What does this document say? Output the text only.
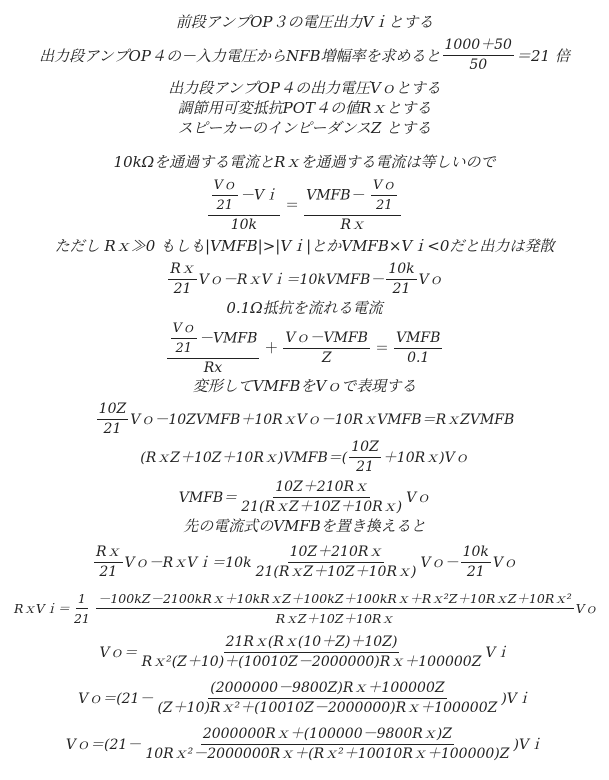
前段アンプOP３の電圧出力Vｉとする
出力段アンプOP４の－入力電圧からNFB増幅率を求めると $\frac{1000+50}{50} =21$ 倍
出力段アンプOP４の出力電圧Vｏとする
調節用可変抵抗POT４の値Rｘとする
スピーカーのインピーダンスZ とする
10kΩを通過する電流とRｘを通過する電流は等しいので
$\frac{\frac{\text{Vｏ}}{21} -Vi}{10k} = \frac{VMFB- \frac{\text{Vｏ}}{21}}{\text{Rｘ}}$
ただし Rｘ≫0 もしも|VMFB|>|Vｉ|とかVMFB×Vｉ<0だと出力は発散
$\frac{\text{Rｘ}}{21}$ Vｏ－RｘVｉ＝10kVMFB－ $\frac{10k}{21}$ Vｏ
0.1Ω抵抗を流れる電流
$\frac{\frac{\text{Vｏ}}{21} -VMFB}{Rx} + \frac{\text{Vｏ－VMFB}}{Z} = \frac{\text{VMFB}}{0.1}$
変形してVMFBをVｏで表現する
$\frac{10Z}{21}$ Vｏ－10ZVMFB＋10RｘVｏ－10RｘVMFB＝RｘZVMFB
(RｘZ＋10Z＋10Rｘ)VMFB＝( $\frac{10Z}{21}$ ＋10Rｘ)Vｏ
VMFB＝ $\frac{\text{10Z＋210Rｘ}}{\text{21(RｘZ＋10Z＋10Rｘ)}}$ Vｏ
先の電流式のVMFBを置き換えると
$\frac{\text{Rｘ}}{21}$ Vｏ－RｘVｉ＝10k $\frac{\text{10Z＋210Rｘ}}{\text{21(RｘZ＋10Z＋10Rｘ)}}$ Vｏ－ $\frac{10k}{21}$ Vｏ
RｘVｉ＝ $\frac{1}{21} \frac{\text{－100kZ－2100kRｘ＋10kRｘZ＋100kZ＋100kRｘ＋Rｘ²Z＋10RｘZ＋10Rｘ²}}{\text{RｘZ＋10Z＋10Rｘ}}$ Vｏ
Vｏ＝ $\frac{\text{21Rｘ(Rｘ(10＋Z)＋10Z)}}{\text{Rｘ²(Z＋10)＋(10010Z－2000000)Rｘ＋100000Z}}$ Vｉ
Vｏ＝(21－ $\frac{\text{(2000000－9800Z)Rｘ＋100000Z}}{\text{(Z＋10)Rｘ²＋(10010Z－2000000)Rｘ＋100000Z}}$ )Vｉ
Vｏ＝(21－ $\frac{\text{2000000Rｘ＋(100000－9800Rｘ)Z}}{\text{10Rｘ²－2000000Rｘ＋(Rｘ²＋10010Rｘ＋100000)Z}}$ )Vｉ
